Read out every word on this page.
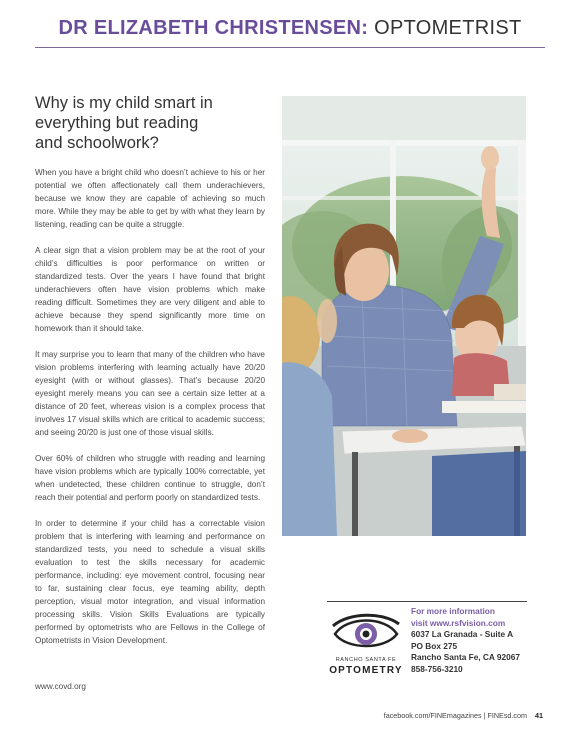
DR ELIZABETH CHRISTENSEN: OPTOMETRIST
Why is my child smart in
everything but reading
and schoolwork?

When you have a bright child who doesn’t achieve to his or her potential we often affectionately call them underachievers, because we know they are capable of achieving so much more. While they may be able to get by with what they learn by listening, reading can be quite a struggle.

A clear sign that a vision problem may be at the root of your child’s difficulties is poor performance on written or standardized tests. Over the years I have found that bright underachievers often have vision problems which make reading difficult. Sometimes they are very diligent and able to achieve because they spend significantly more time on homework than it should take.

It may surprise you to learn that many of the children who have vision problems interfering with learning actually have 20/20 eyesight (with or without glasses). That’s because 20/20 eyesight merely means you can see a certain size letter at a distance of 20 feet, whereas vision is a complex process that involves 17 visual skills which are critical to academic success; and seeing 20/20 is just one of those visual skills.

Over 60% of children who struggle with reading and learning have vision problems which are typically 100% correctable, yet when undetected, these children continue to struggle, don’t reach their potential and perform poorly on standardized tests.

In order to determine if your child has a correctable vision problem that is interfering with learning and performance on standardized tests, you need to schedule a visual skills evaluation to test the skills necessary for academic performance, including: eye movement control, focusing near to far, sustaining clear focus, eye teaming ability, depth perception, visual motor integration, and visual information processing skills. Vision Skills Evaluations are typically performed by optometrists who are Fellows in the College of Optometrists in Vision Development.

www.covd.org
RANCHO SANTA FE
OPTOMETRY
For more information
visit www.rsfvision.com
6037 La Granada - Suite A
PO Box 275
Rancho Santa Fe, CA 92067
858-756-3210
facebook.com/FINEmagazines | FINEsd.com 41
